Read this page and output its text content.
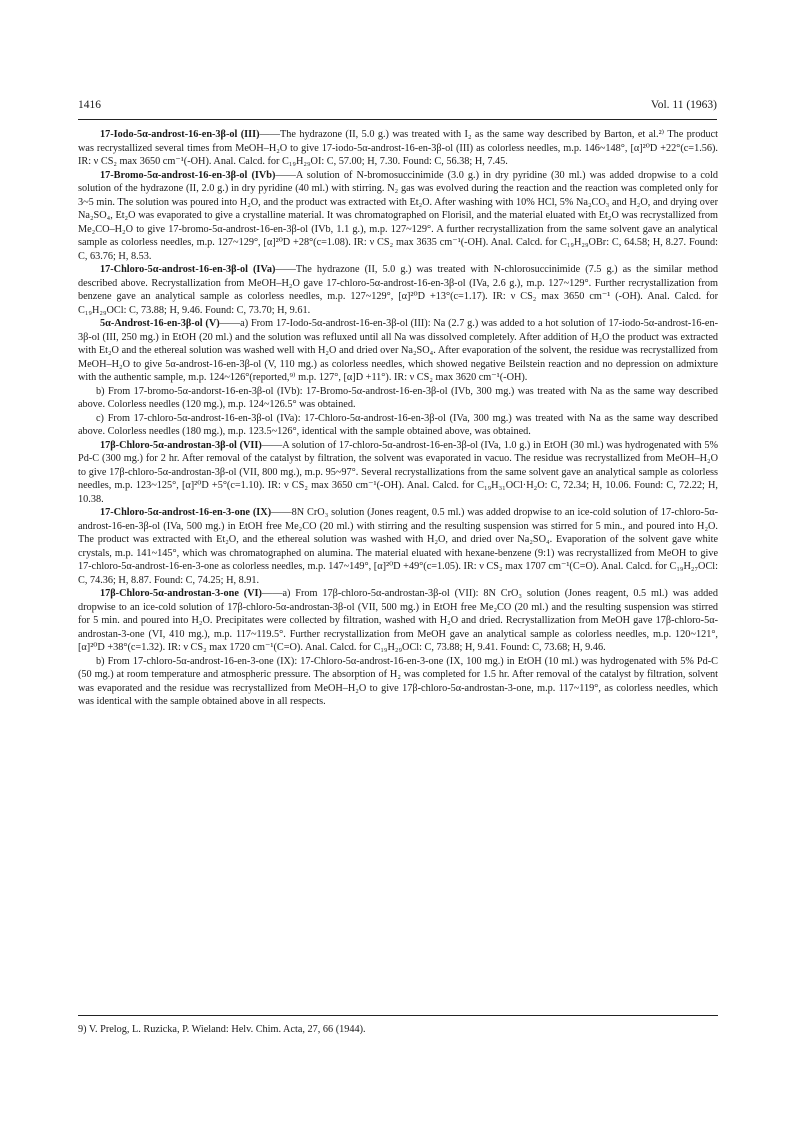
1416	Vol. 11 (1963)

17-Iodo-5α-androst-16-en-3β-ol (III)——The hydrazone (II, 5.0 g.) was treated with I₂ as the same way described by Barton, et al.²⁾ The product was recrystallized several times from MeOH–H₂O to give 17-iodo-5α-androst-16-en-3β-ol (III) as colorless needles, m.p. 146~148°, [α]²⁰D +22°(c=1.56). IR: ν CS₂ max 3650 cm⁻¹(-OH). Anal. Calcd. for C₁₉H₂₉OI: C, 57.00; H, 7.30. Found: C, 56.38; H, 7.45.

17-Bromo-5α-androst-16-en-3β-ol (IVb)——A solution of N-bromosuccinimide (3.0 g.) in dry pyridine (30 ml.) was added dropwise to a cold solution of the hydrazone (II, 2.0 g.) in dry pyridine (40 ml.) with stirring. N₂ gas was evolved during the reaction and the reaction was completed only for 3~5 min. The solution was poured into H₂O, and the product was extracted with Et₂O. After washing with 10% HCl, 5% Na₂CO₃ and H₂O, and drying over Na₂SO₄, Et₂O was evaporated to give a crystalline material. It was chromatographed on Florisil, and the material eluated with Et₂O was recrystallized from Me₂CO–H₂O to give 17-bromo-5α-androst-16-en-3β-ol (IVb, 1.1 g.), m.p. 127~129°. A further recrystallization from the same solvent gave an analytical sample as colorless needles, m.p. 127~129°, [α]²⁰D +28°(c=1.08). IR: ν CS₂ max 3635 cm⁻¹(-OH). Anal. Calcd. for C₁₉H₂₉OBr: C, 64.58; H, 8.27. Found: C, 63.76; H, 8.53.

17-Chloro-5α-androst-16-en-3β-ol (IVa)——The hydrazone (II, 5.0 g.) was treated with N-chlorosuccinimide (7.5 g.) as the similar method described above. Recrystallization from MeOH–H₂O gave 17-chloro-5α-androst-16-en-3β-ol (IVa, 2.6 g.), m.p. 127~129°. Further recrystallization from benzene gave an analytical sample as colorless needles, m.p. 127~129°, [α]²⁰D +13°(c=1.17). IR: ν CS₂ max 3650 cm⁻¹ (-OH). Anal. Calcd. for C₁₉H₂₉OCl: C, 73.88; H, 9.46. Found: C, 73.70; H, 9.61.

5α-Androst-16-en-3β-ol (V)——a) From 17-Iodo-5α-androst-16-en-3β-ol (III): Na (2.7 g.) was added to a hot solution of 17-iodo-5α-androst-16-en-3β-ol (III, 250 mg.) in EtOH (20 ml.) and the solution was refluxed until all Na was dissolved completely. After addition of H₂O the product was extracted with Et₂O and the ethereal solution was washed well with H₂O and dried over Na₂SO₄. After evaporation of the solvent, the residue was recrystallized from MeOH–H₂O to give 5α-androst-16-en-3β-ol (V, 110 mg.) as colorless needles, which showed negative Beilstein reaction and no depression on admixture with the authentic sample, m.p. 124~126°(reported,⁹⁾ m.p. 127°, [α]D +11°). IR: ν CS₂ max 3620 cm⁻¹(-OH).

b) From 17-bromo-5α-andorst-16-en-3β-ol (IVb): 17-Bromo-5α-androst-16-en-3β-ol (IVb, 300 mg.) was treated with Na as the same way described above. Colorless needles (120 mg.), m.p. 124~126.5° was obtained.

c) From 17-chloro-5α-androst-16-en-3β-ol (IVa): 17-Chloro-5α-androst-16-en-3β-ol (IVa, 300 mg.) was treated with Na as the same way described above. Colorless needles (180 mg.), m.p. 123.5~126°, identical with the sample obtained above, was obtained.

17β-Chloro-5α-androstan-3β-ol (VII)——A solution of 17-chloro-5α-androst-16-en-3β-ol (IVa, 1.0 g.) in EtOH (30 ml.) was hydrogenated with 5% Pd-C (300 mg.) for 2 hr. After removal of the catalyst by filtration, the solvent was evaporated in vacuo. The residue was recrystallized from MeOH–H₂O to give 17β-chloro-5α-androstan-3β-ol (VII, 800 mg.), m.p. 95~97°. Several recrystallizations from the same solvent gave an analytical sample as colorless needles, m.p. 123~125°, [α]²⁰D +5°(c=1.10). IR: ν CS₂ max 3650 cm⁻¹(-OH). Anal. Calcd. for C₁₉H₃₁OCl·H₂O: C, 72.34; H, 10.06. Found: C, 72.22; H, 10.38.

17-Chloro-5α-androst-16-en-3-one (IX)——8N CrO₃ solution (Jones reagent, 0.5 ml.) was added dropwise to an ice-cold solution of 17-chloro-5α-androst-16-en-3β-ol (IVa, 500 mg.) in EtOH free Me₂CO (20 ml.) with stirring and the resulting suspension was stirred for 5 min., and poured into H₂O. The product was extracted with Et₂O, and the ethereal solution was washed with H₂O, and dried over Na₂SO₄. Evaporation of the solvent gave white crystals, m.p. 141~145°, which was chromatographed on alumina. The material eluated with hexane-benzene (9:1) was recrystallized from MeOH to give 17-chloro-5α-androst-16-en-3-one as colorless needles, m.p. 147~149°, [α]²⁰D +49°(c=1.05). IR: ν CS₂ max 1707 cm⁻¹(C=O). Anal. Calcd. for C₁₉H₂₇OCl: C, 74.36; H, 8.87. Found: C, 74.25; H, 8.91.

17β-Chloro-5α-androstan-3-one (VI)——a) From 17β-chloro-5α-androstan-3β-ol (VII): 8N CrO₃ solution (Jones reagent, 0.5 ml.) was added dropwise to an ice-cold solution of 17β-chloro-5α-androstan-3β-ol (VII, 500 mg.) in EtOH free Me₂CO (20 ml.) and the resulting suspension was stirred for 5 min. and poured into H₂O. Precipitates were collected by filtration, washed with H₂O and dried. Recrystallization from MeOH gave 17β-chloro-5α-androstan-3-one (VI, 410 mg.), m.p. 117~119.5°. Further recrystallization from MeOH gave an analytical sample as colorless needles, m.p. 120~121°, [α]²⁰D +38°(c=1.32). IR: ν CS₂ max 1720 cm⁻¹(C=O). Anal. Calcd. for C₁₉H₂₉OCl: C, 73.88; H, 9.41. Found: C, 73.68; H, 9.46.

b) From 17-chloro-5α-androst-16-en-3-one (IX): 17-Chloro-5α-androst-16-en-3-one (IX, 100 mg.) in EtOH (10 ml.) was hydrogenated with 5% Pd-C (50 mg.) at room temperature and atmospheric pressure. The absorption of H₂ was completed for 1.5 hr. After removal of the catalyst by filtration, solvent was evaporated and the residue was recrystallized from MeOH–H₂O to give 17β-chloro-5α-androstan-3-one, m.p. 117~119°, as colorless needles, which was identical with the sample obtained above in all respects.

9) V. Prelog, L. Ruzicka, P. Wieland: Helv. Chim. Acta, 27, 66 (1944).
